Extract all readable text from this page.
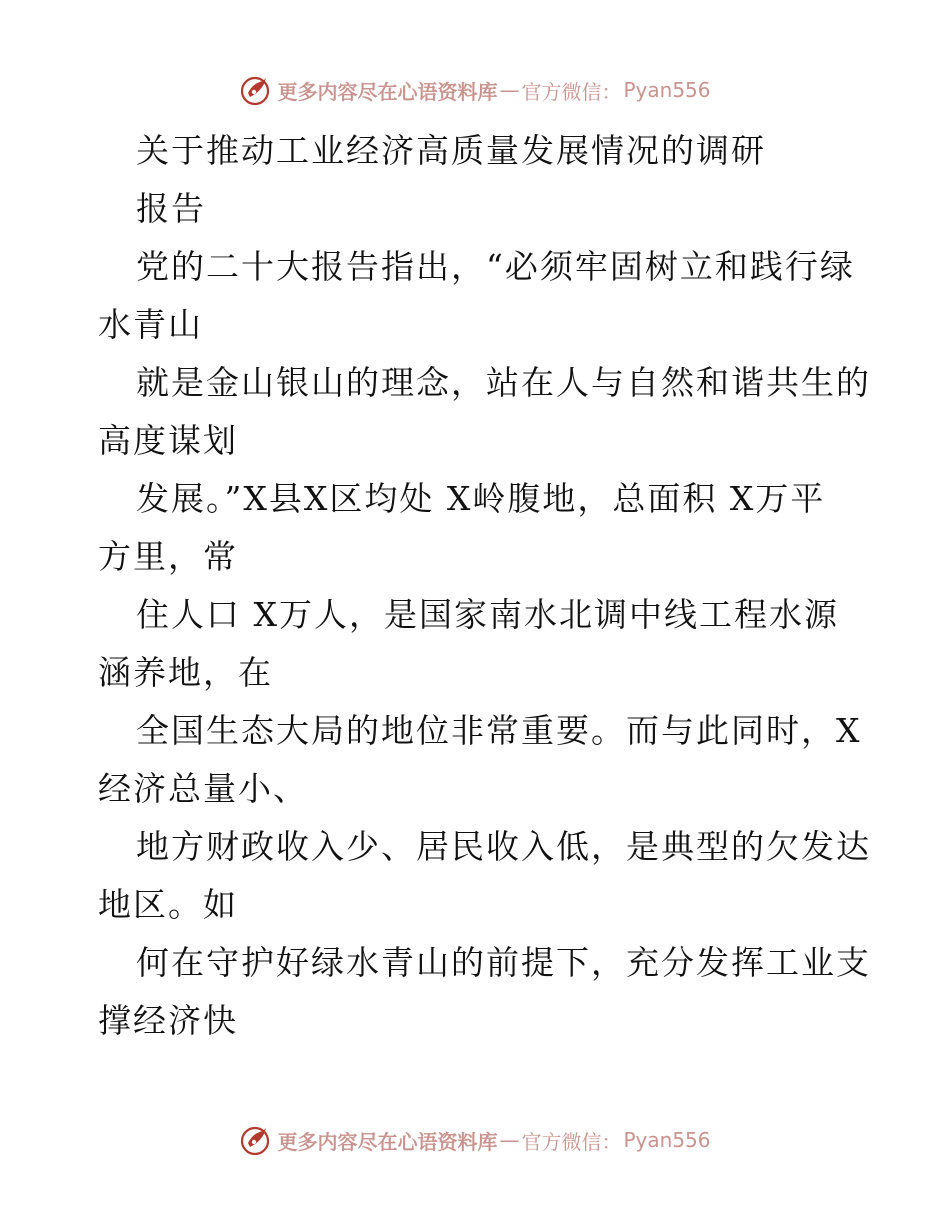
更多内容尽在心语资料库 — 官方微信： Pyan556
关于推动工业经济高质量发展情况的调研
报告
党的二十大报告指出，“必须牢固树立和践行绿
水青山
就是金山银山的理念，站在人与自然和谐共生的
高度谋划
发展。”X县X区均处 X岭腹地，总面积 X万平
方里，常
住人口 X万人，是国家南水北调中线工程水源
涵养地，在
全国生态大局的地位非常重要。而与此同时，X
经济总量小、
地方财政收入少、居民收入低，是典型的欠发达
地区。如
何在守护好绿水青山的前提下，充分发挥工业支
撑经济快
更多内容尽在心语资料库 — 官方微信： Pyan556
